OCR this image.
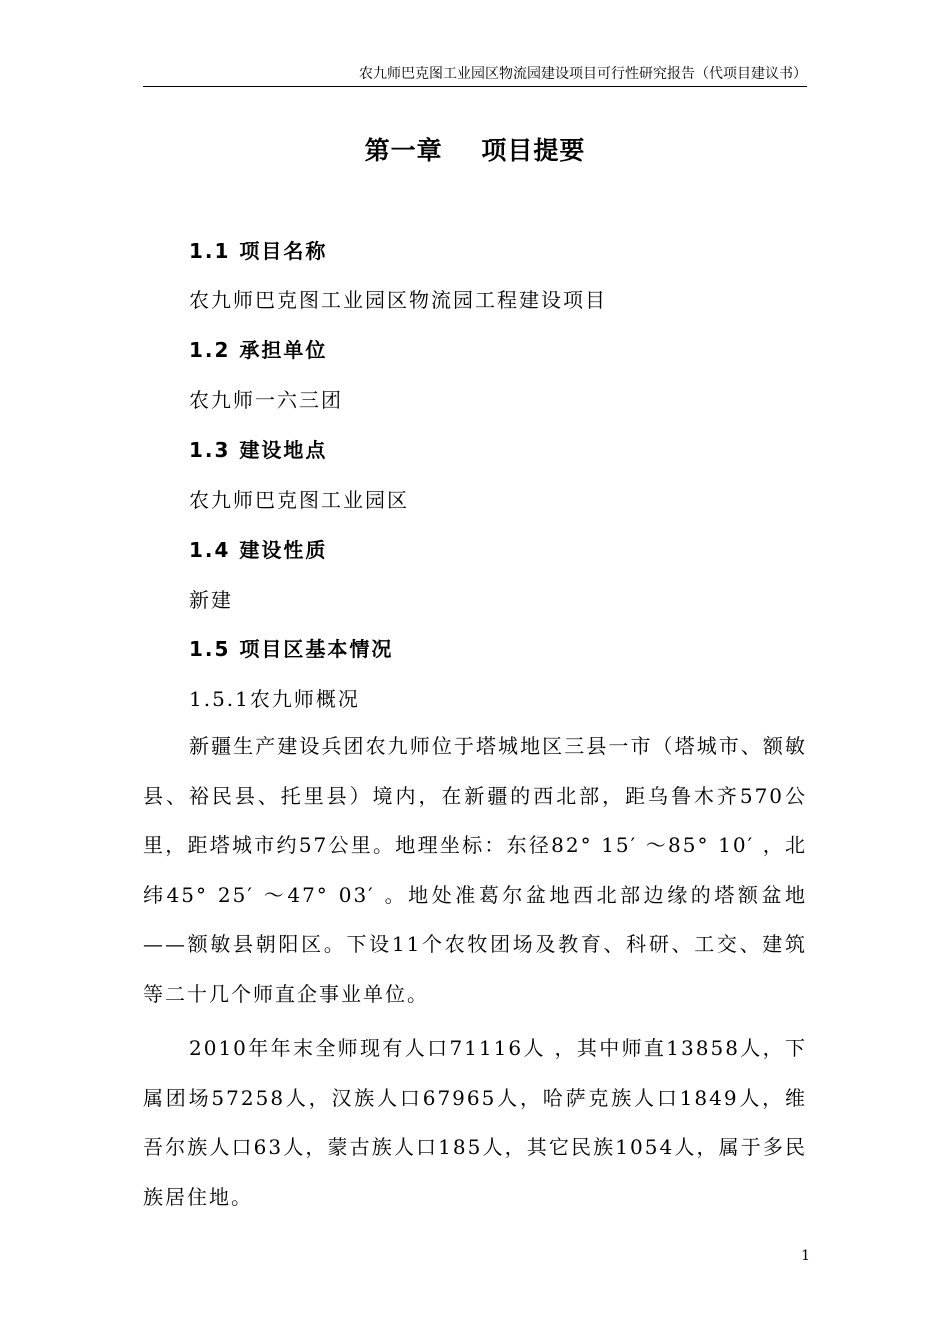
农九师巴克图工业园区物流园建设项目可行性研究报告（代项目建议书）
第一章    项目提要
1.1 项目名称
农九师巴克图工业园区物流园工程建设项目
1.2 承担单位
农九师一六三团
1.3 建设地点
农九师巴克图工业园区
1.4 建设性质
新建
1.5 项目区基本情况
1.5.1农九师概况
新疆生产建设兵团农九师位于塔城地区三县一市（塔城市、额敏县、裕民县、托里县）境内，在新疆的西北部，距乌鲁木齐570公里，距塔城市约57公里。地理坐标：东径82° 15′ ～85° 10′ ，北纬45° 25′ ～47° 03′ 。地处准葛尔盆地西北部边缘的塔额盆地——额敏县朝阳区。下设11个农牧团场及教育、科研、工交、建筑等二十几个师直企事业单位。
2010年年末全师现有人口71116人 ，其中师直13858人，下属团场57258人，汉族人口67965人，哈萨克族人口1849人，维吾尔族人口63人，蒙古族人口185人，其它民族1054人，属于多民族居住地。
1
